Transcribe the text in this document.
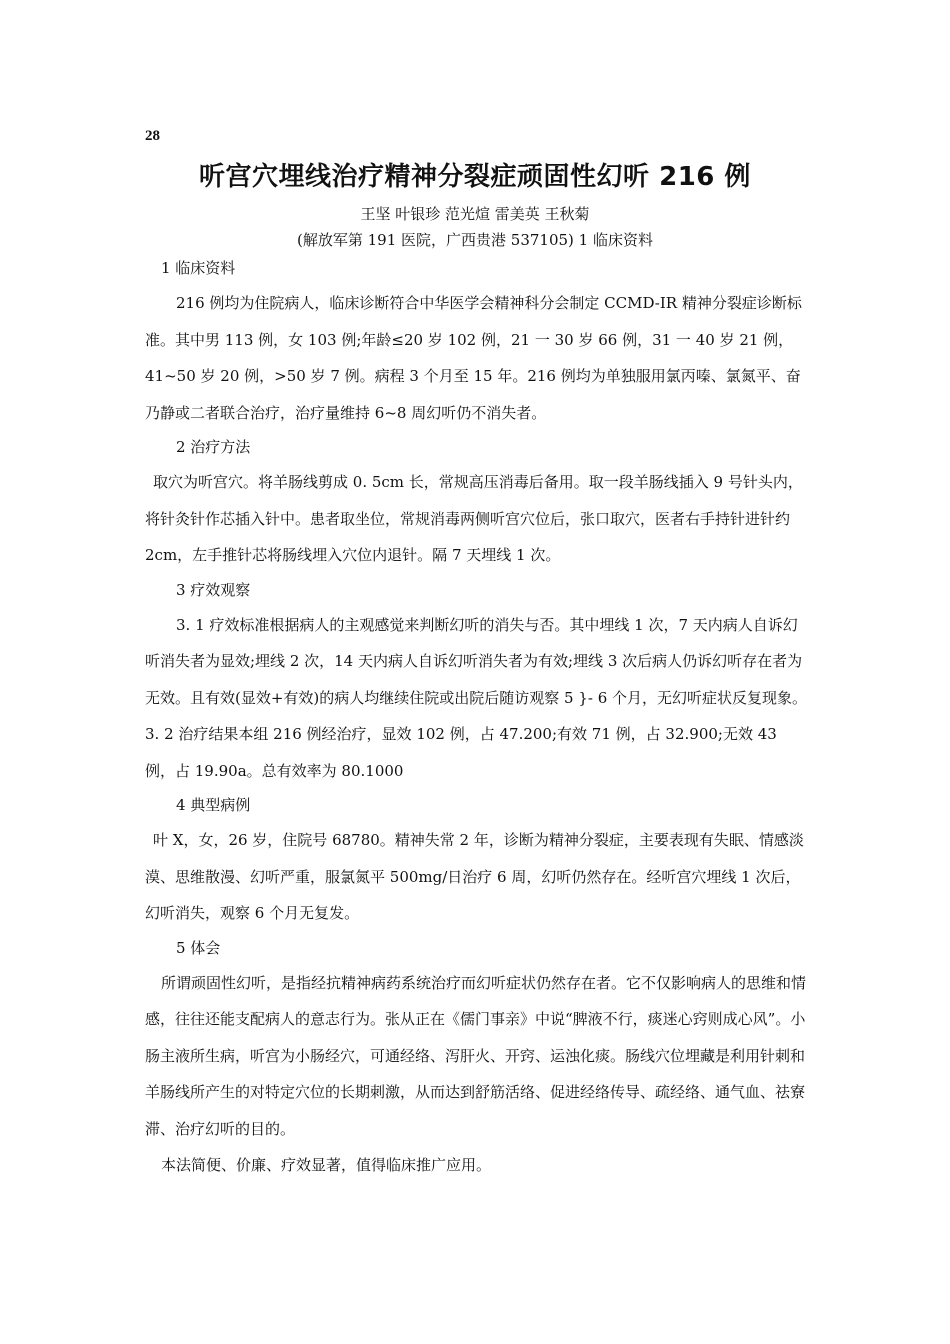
28
听宫穴埋线治疗精神分裂症顽固性幻听 216 例
王坚 叶银珍 范光煊 雷美英 王秋菊
(解放军第 191 医院，广西贵港 537105) 1 临床资料

1 临床资料

216 例均为住院病人，临床诊断符合中华医学会精神科分会制定 CCMD-IR 精神分裂症诊断标准。其中男 113 例，女 103 例;年龄≤20 岁 102 例，21 一 30 岁 66 例，31 一 40 岁 21 例，41~50 岁 20 例，>50 岁 7 例。病程 3 个月至 15 年。216 例均为单独服用氯丙嗪、氯氮平、奋乃静或二者联合治疗，治疗量维持 6~8 周幻听仍不消失者。

2 治疗方法

取穴为听宫穴。将羊肠线剪成 0. 5cm 长，常规高压消毒后备用。取一段羊肠线插入 9 号针头内，将针灸针作芯插入针中。患者取坐位，常规消毒两侧听宫穴位后，张口取穴，医者右手持针进针约 2cm，左手推针芯将肠线埋入穴位内退针。隔 7 天埋线 1 次。

3 疗效观察

3. 1 疗效标准根据病人的主观感觉来判断幻听的消失与否。其中埋线 1 次，7 天内病人自诉幻听消失者为显效;埋线 2 次，14 天内病人自诉幻听消失者为有效;埋线 3 次后病人仍诉幻听存在者为无效。且有效(显效+有效)的病人均继续住院或出院后随访观察 5 }- 6 个月，无幻听症状反复现象。3. 2 治疗结果本组 216 例经治疗，显效 102 例，占 47.200;有效 71 例，占 32.900;无效 43 例，占 19.90a。总有效率为 80.1000

4 典型病例

叶 X，女，26 岁，住院号 68780。精神失常 2 年，诊断为精神分裂症，主要表现有失眠、情感淡漠、思维散漫、幻听严重，服氯氮平 500mg/日治疗 6 周，幻听仍然存在。经听宫穴埋线 1 次后，幻听消失，观察 6 个月无复发。

5 体会

所谓顽固性幻听，是指经抗精神病药系统治疗而幻听症状仍然存在者。它不仅影响病人的思维和情感，往往还能支配病人的意志行为。张从正在《儒门事亲》中说“脾液不行，痰迷心窍则成心风”。小肠主液所生病，听宫为小肠经穴，可通经络、泻肝火、开窍、运浊化痰。肠线穴位埋藏是利用针刺和羊肠线所产生的对特定穴位的长期刺激，从而达到舒筋活络、促进经络传导、疏经络、通气血、祛寮滞、治疗幻听的目的。

本法简便、价廉、疗效显著，值得临床推广应用。
